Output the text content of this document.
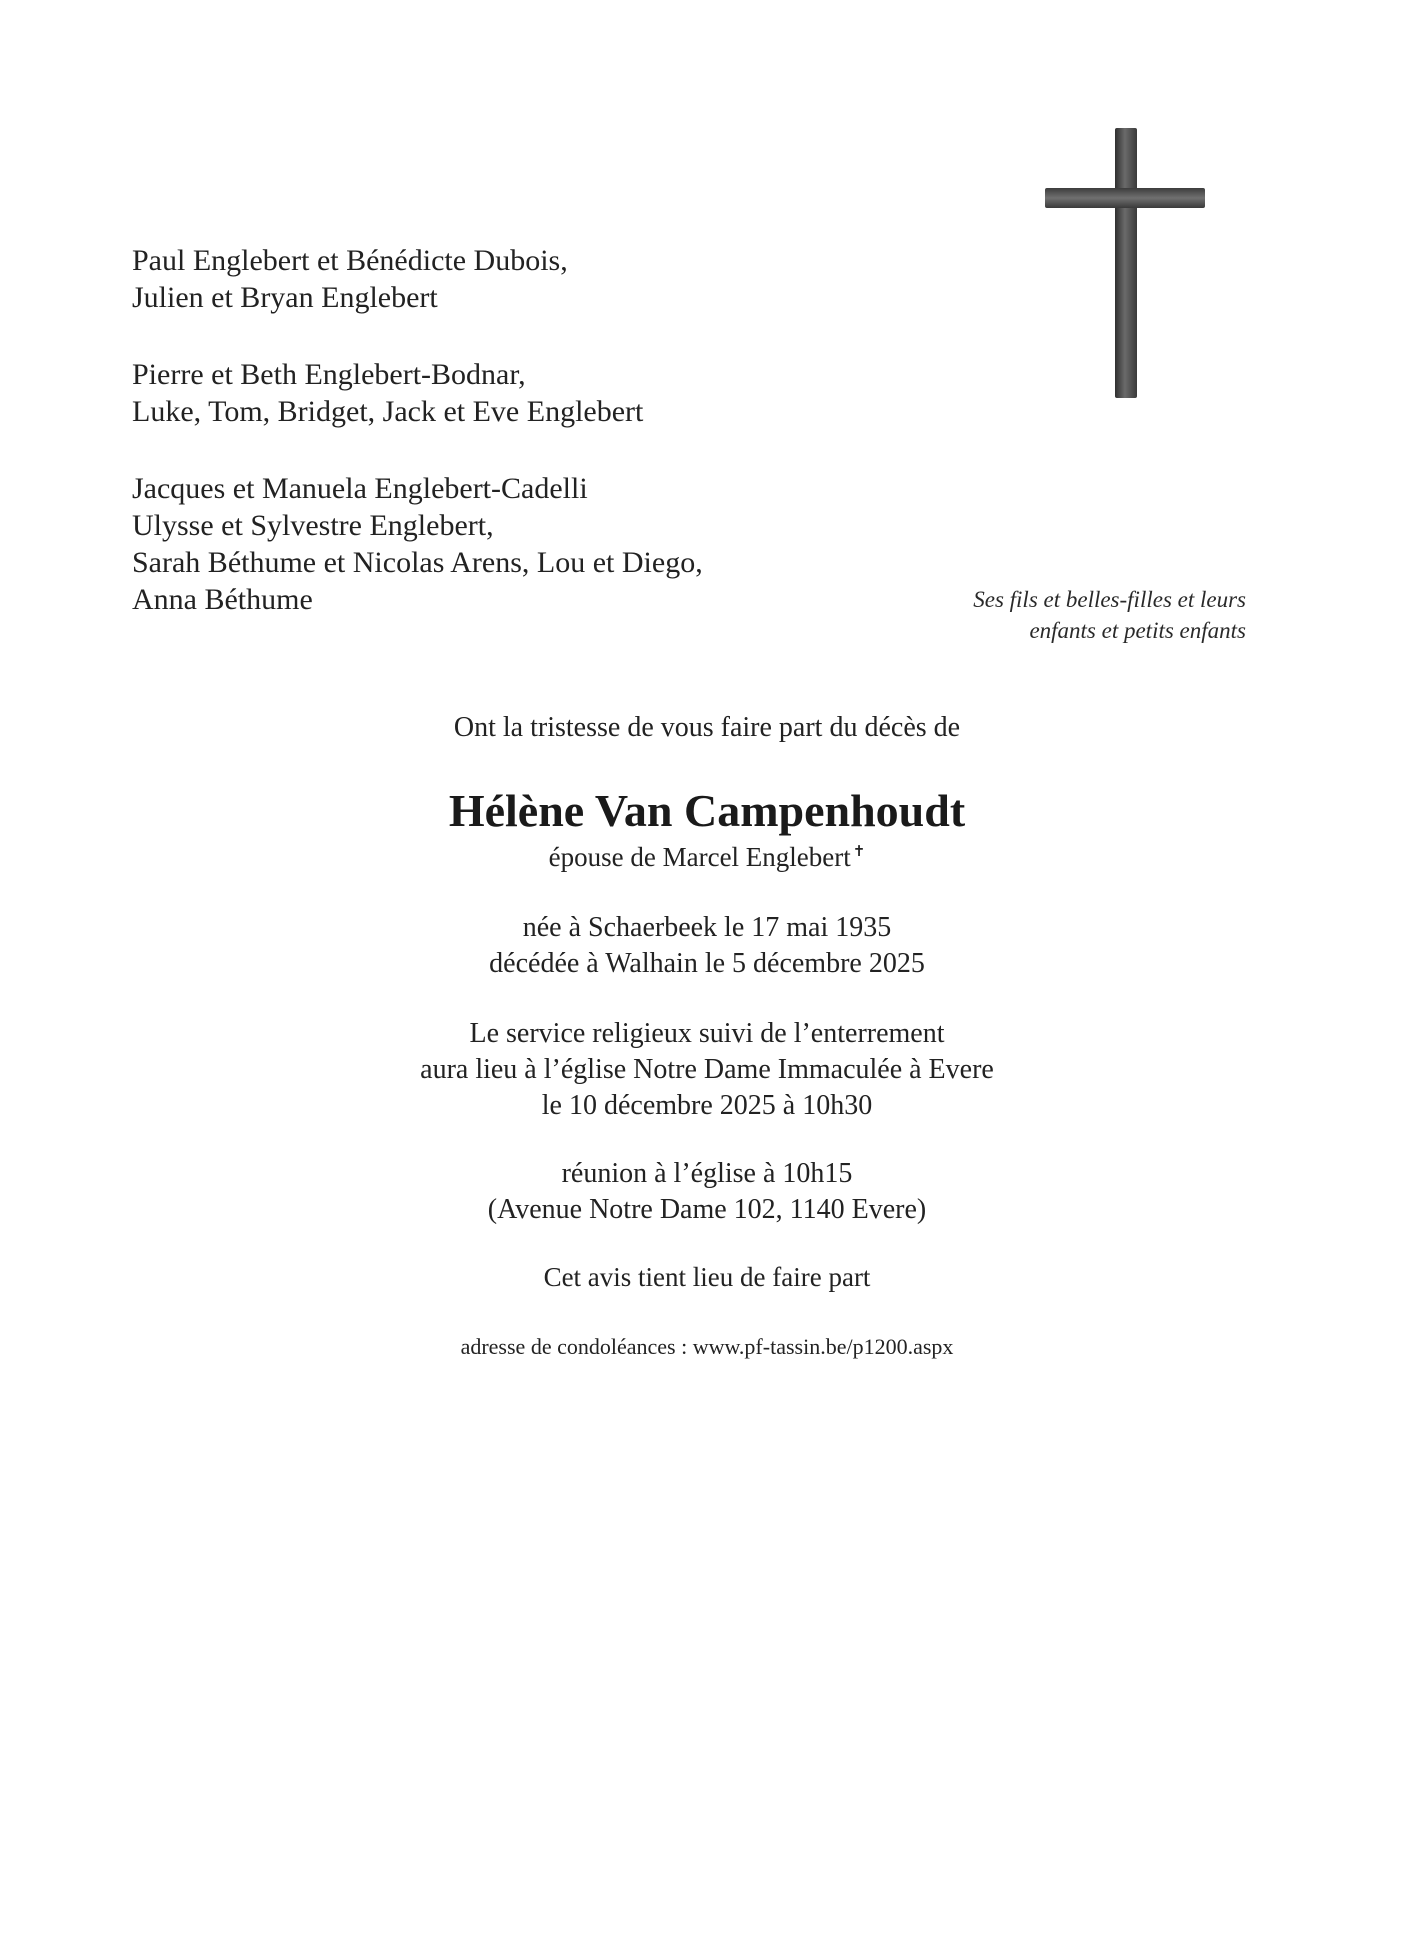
Paul Englebert et Bénédicte Dubois,
Julien et Bryan Englebert
Pierre et Beth Englebert-Bodnar,
Luke, Tom, Bridget, Jack et Eve Englebert
Jacques et Manuela Englebert-Cadelli
Ulysse et Sylvestre Englebert,
Sarah Béthume et Nicolas Arens, Lou et Diego,
Anna Béthume	Ses fils et belles-filles et leurs
enfants et petits enfants
Ont la tristesse de vous faire part du décès de
Hélène Van Campenhoudt
épouse de Marcel Englebert ✝
née à Schaerbeek le 17 mai 1935
décédée à Walhain le 5 décembre 2025
Le service religieux suivi de l’enterrement
aura lieu à l’église Notre Dame Immaculée à Evere
le 10 décembre 2025 à 10h30
réunion à l’église à 10h15
(Avenue Notre Dame 102, 1140 Evere)
Cet avis tient lieu de faire part
adresse de condoléances : www.pf-tassin.be/p1200.aspx
